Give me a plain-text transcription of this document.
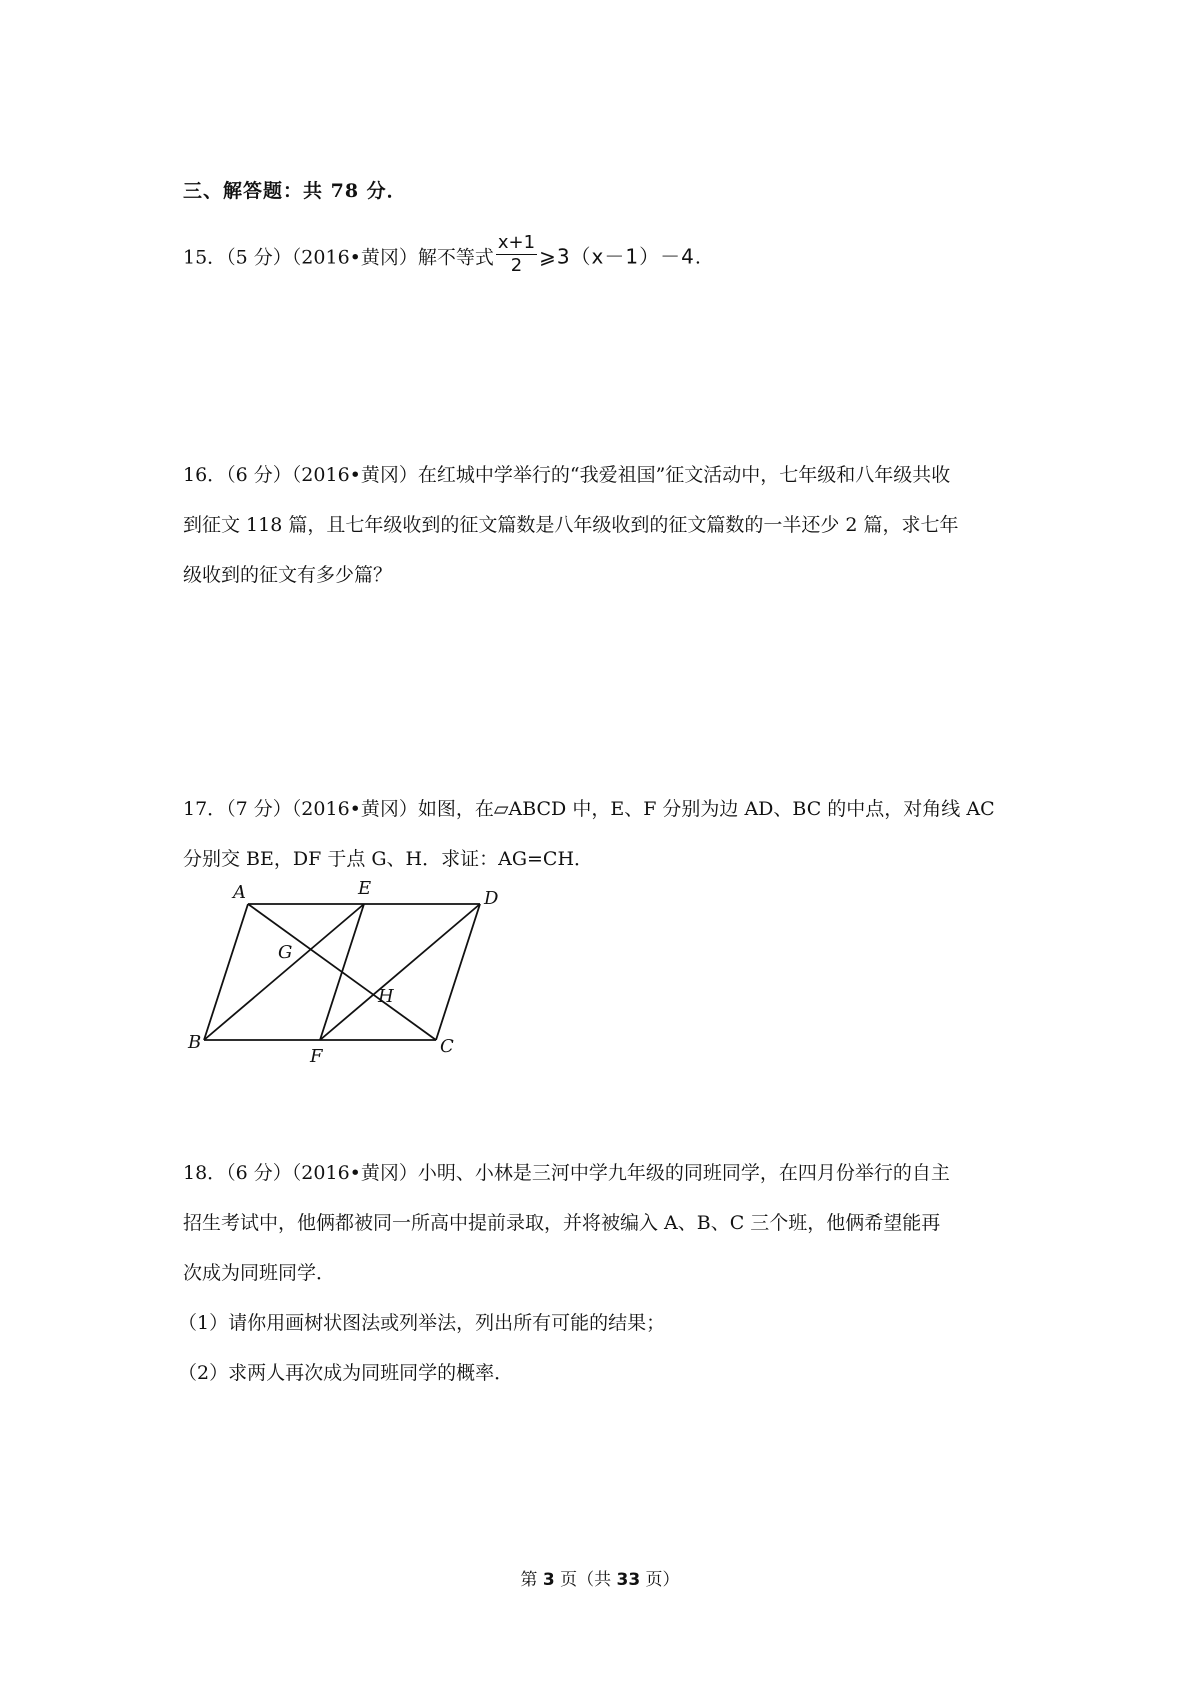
三、解答题：共 78 分．
15．（5 分）（2016•黄冈）解不等式 $\frac{x+1}{2}$ ⩾3（x－1）－4.
16．（6 分）（2016•黄冈）在红城中学举行的“我爱祖国”征文活动中，七年级和八年级共收
到征文 118 篇，且七年级收到的征文篇数是八年级收到的征文篇数的一半还少 2 篇，求七年
级收到的征文有多少篇？
17．（7 分）（2016•黄冈）如图，在▱ABCD 中，E、F 分别为边 AD、BC 的中点，对角线 AC
分别交 BE，DF 于点 G、H．求证：AG=CH．
A	E	D
G
H
B
F	C
18．（6 分）（2016•黄冈）小明、小林是三河中学九年级的同班同学，在四月份举行的自主
招生考试中，他俩都被同一所高中提前录取，并将被编入 A、B、C 三个班，他俩希望能再
次成为同班同学．
（1）请你用画树状图法或列举法，列出所有可能的结果；
（2）求两人再次成为同班同学的概率．
第 3 页（共 33 页）
